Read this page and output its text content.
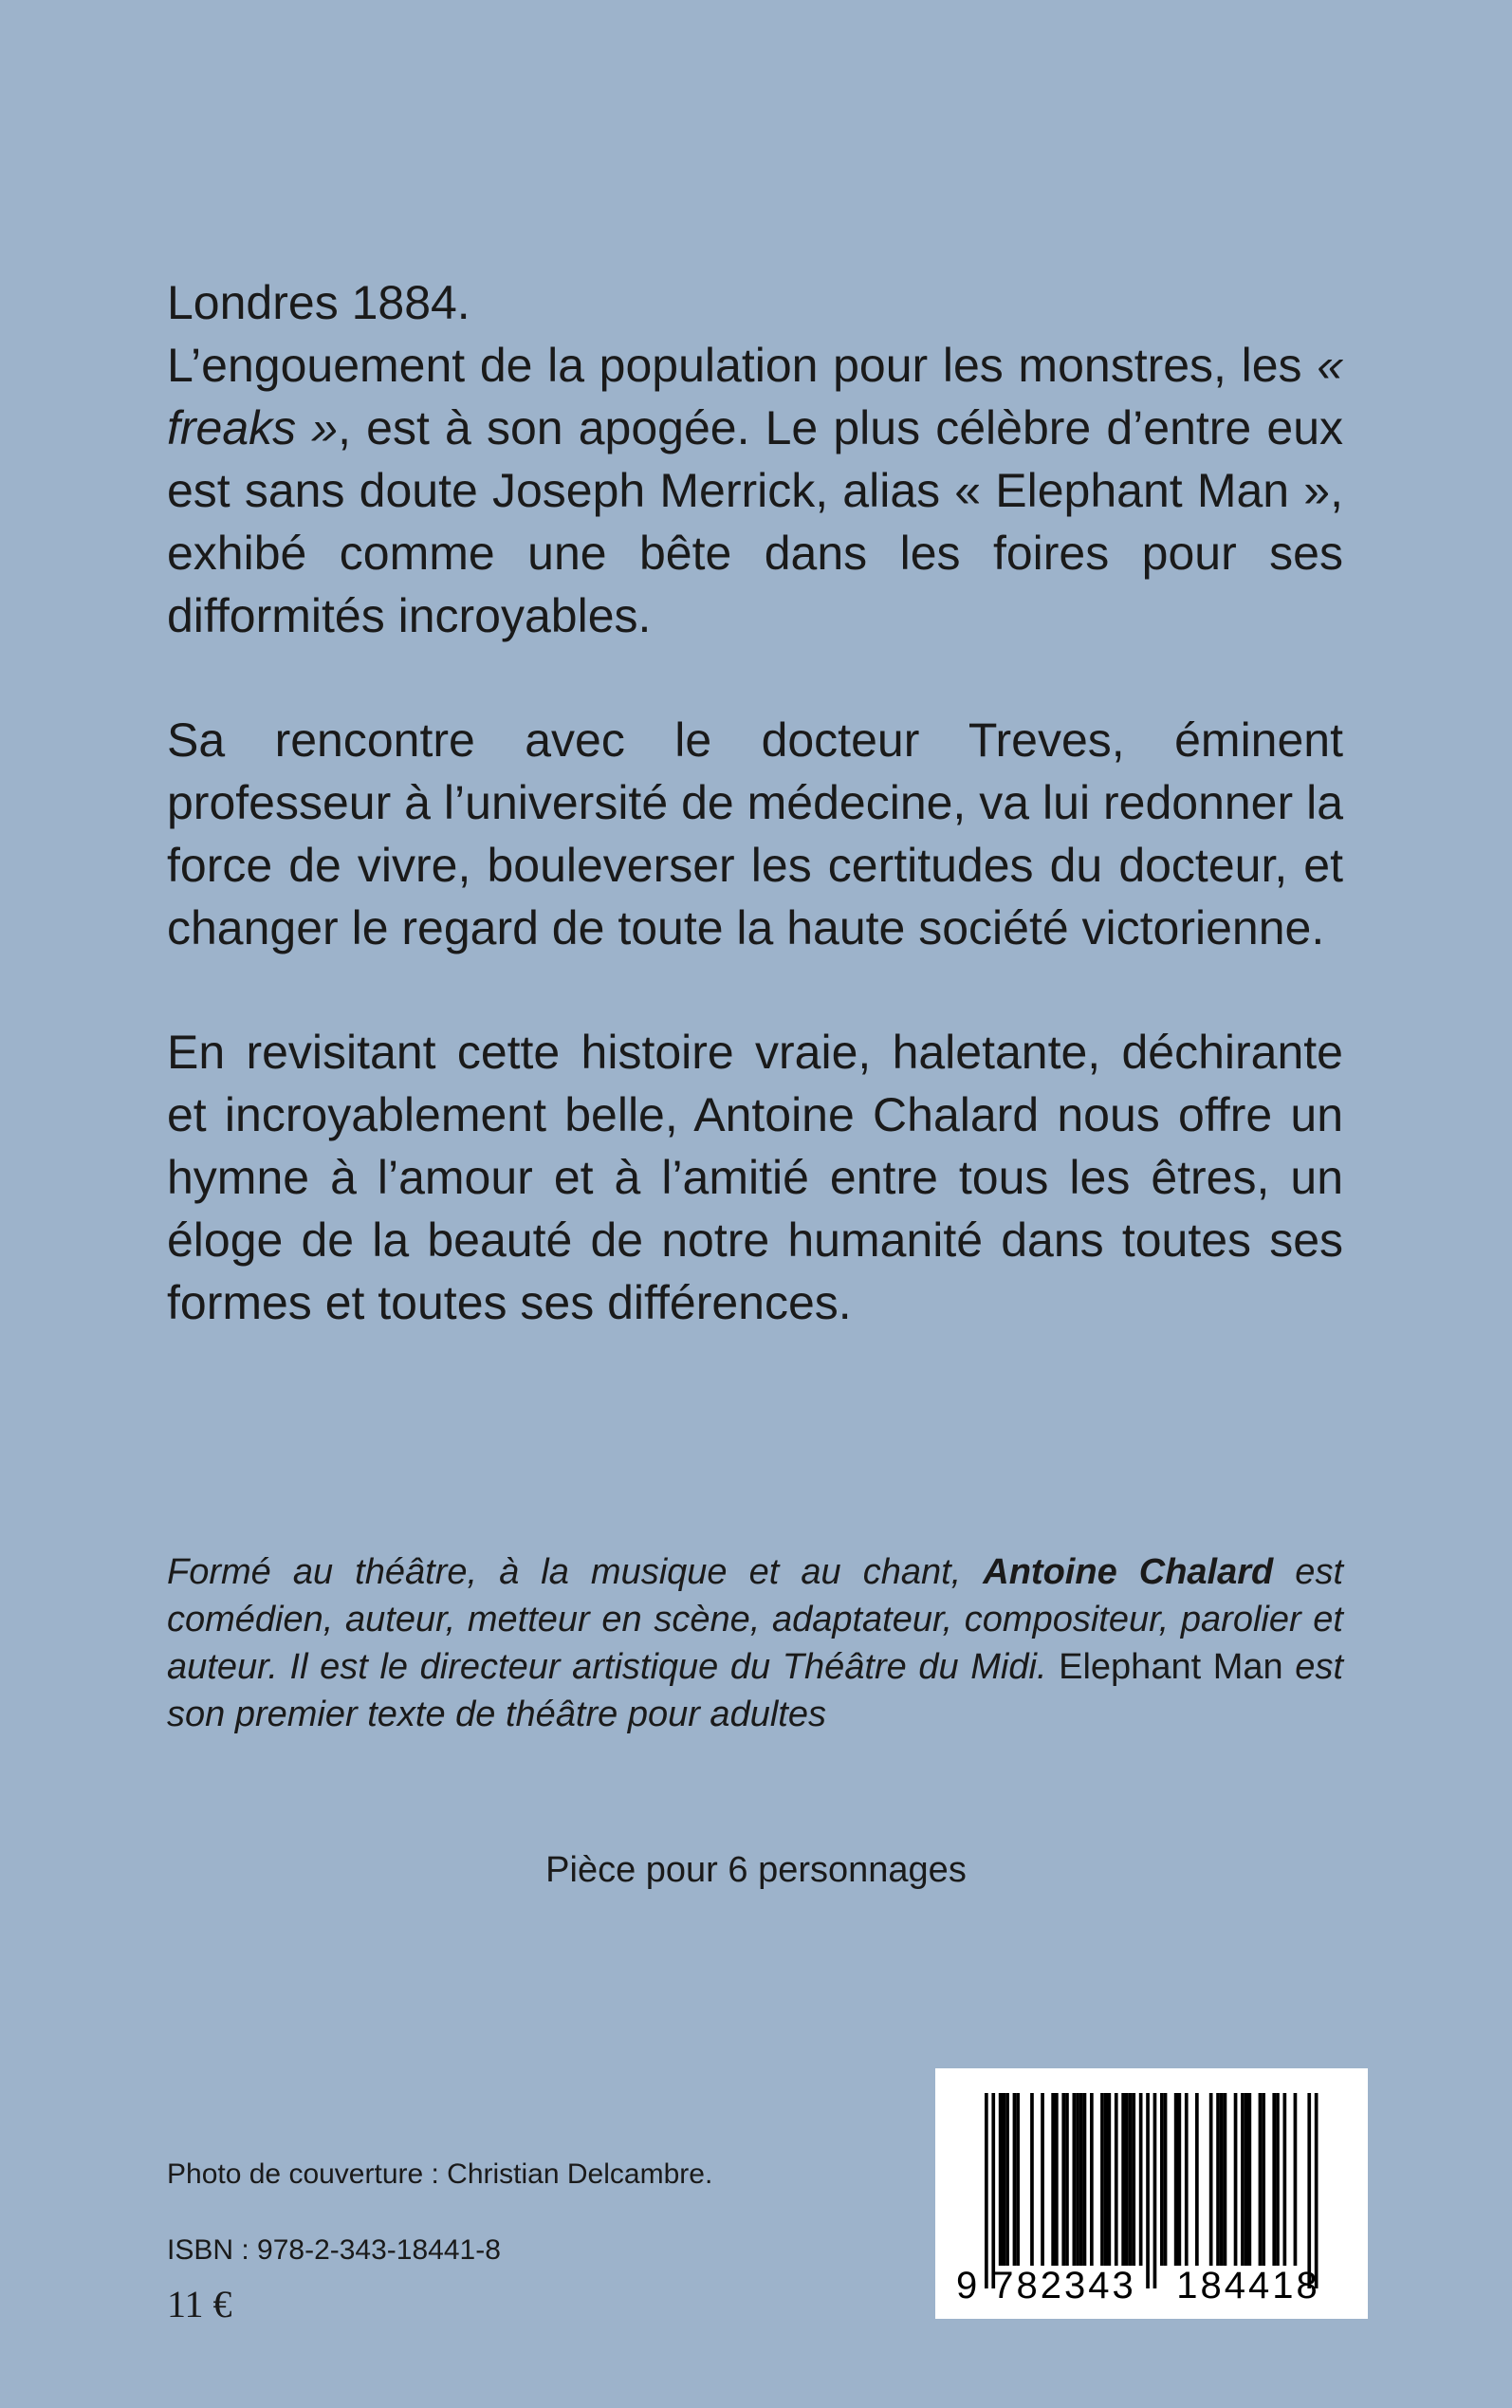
Londres 1884.
L’engouement de la population pour les monstres, les « freaks », est à son apogée. Le plus célèbre d’entre eux est sans doute Joseph Merrick, alias « Elephant Man », exhibé comme une bête dans les foires pour ses difformités incroyables.

Sa rencontre avec le docteur Treves, éminent professeur à l’université de médecine, va lui redonner la force de vivre, bouleverser les certitudes du docteur, et changer le regard de toute la haute société victorienne.

En revisitant cette histoire vraie, haletante, déchirante et incroyablement belle, Antoine Chalard nous offre un hymne à l’amour et à l’amitié entre tous les êtres, un éloge de la beauté de notre humanité dans toutes ses formes et toutes ses différences.

Formé au théâtre, à la musique et au chant, Antoine Chalard est comédien, auteur, metteur en scène, adaptateur, compositeur, parolier et auteur. Il est le directeur artistique du Théâtre du Midi. Elephant Man est son premier texte de théâtre pour adultes
Pièce pour 6 personnages
Photo de couverture : Christian Delcambre.
ISBN : 978-2-343-18441-8
11 €	9 782343 184418
